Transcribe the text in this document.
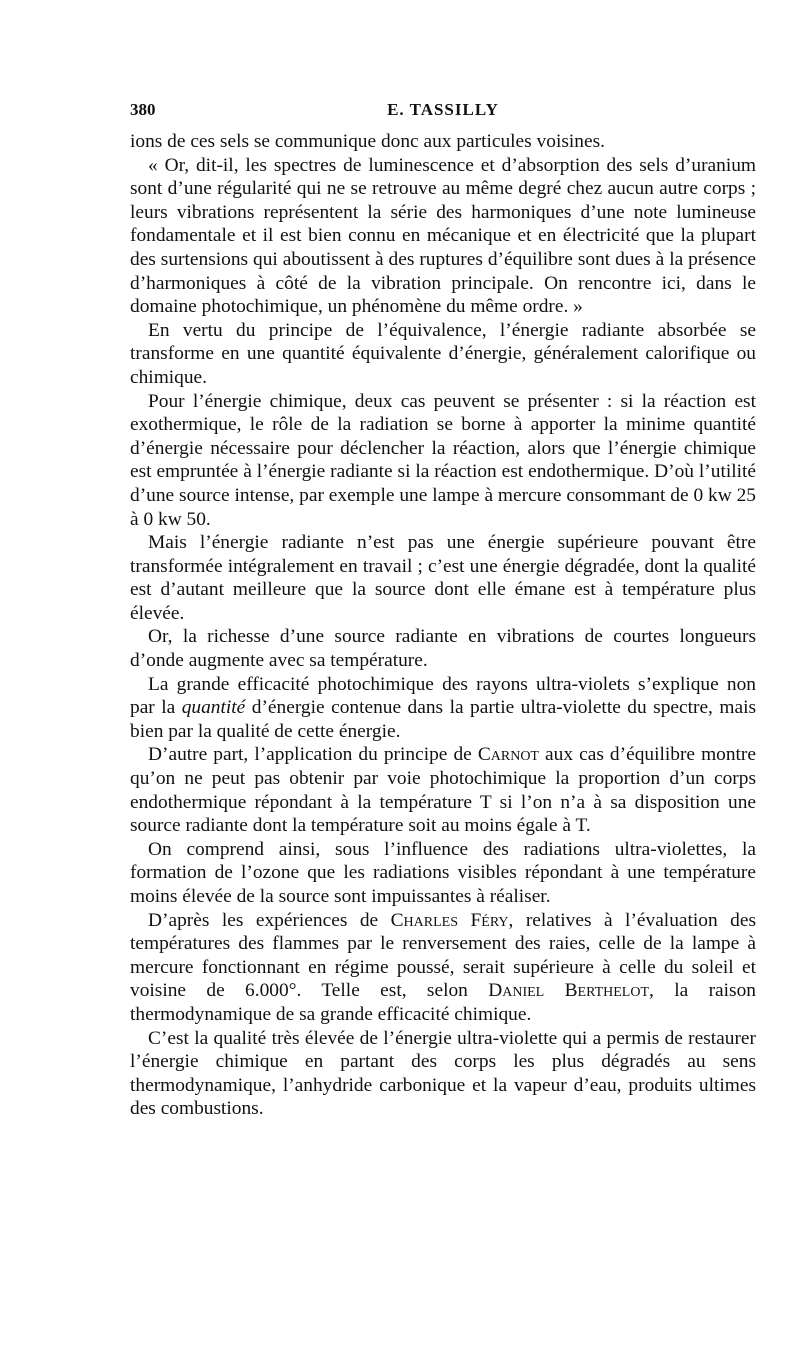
380	E. TASSILLY

ions de ces sels se communique donc aux particules voisines.

« Or, dit-il, les spectres de luminescence et d’absorption des sels d’uranium sont d’une régularité qui ne se retrouve au même degré chez aucun autre corps ; leurs vibrations représentent la série des harmoniques d’une note lumineuse fondamentale et il est bien connu en mécanique et en électricité que la plupart des surtensions qui aboutissent à des ruptures d’équilibre sont dues à la présence d’harmoniques à côté de la vibration principale. On rencontre ici, dans le domaine photochimique, un phénomène du même ordre. »

En vertu du principe de l’équivalence, l’énergie radiante absorbée se transforme en une quantité équivalente d’énergie, généralement calorifique ou chimique.

Pour l’énergie chimique, deux cas peuvent se présenter : si la réaction est exothermique, le rôle de la radiation se borne à apporter la minime quantité d’énergie nécessaire pour déclencher la réaction, alors que l’énergie chimique est empruntée à l’énergie radiante si la réaction est endothermique. D’où l’utilité d’une source intense, par exemple une lampe à mercure consommant de 0 kw 25 à 0 kw 50.

Mais l’énergie radiante n’est pas une énergie supérieure pouvant être transformée intégralement en travail ; c’est une énergie dégradée, dont la qualité est d’autant meilleure que la source dont elle émane est à température plus élevée.

Or, la richesse d’une source radiante en vibrations de courtes longueurs d’onde augmente avec sa température.

La grande efficacité photochimique des rayons ultra-violets s’explique non par la quantité d’énergie contenue dans la partie ultra-violette du spectre, mais bien par la qualité de cette énergie.

D’autre part, l’application du principe de Carnot aux cas d’équilibre montre qu’on ne peut pas obtenir par voie photochimique la proportion d’un corps endothermique répondant à la température T si l’on n’a à sa disposition une source radiante dont la température soit au moins égale à T.

On comprend ainsi, sous l’influence des radiations ultra-violettes, la formation de l’ozone que les radiations visibles répondant à une température moins élevée de la source sont impuissantes à réaliser.

D’après les expériences de Charles Féry, relatives à l’évaluation des températures des flammes par le renversement des raies, celle de la lampe à mercure fonctionnant en régime poussé, serait supérieure à celle du soleil et voisine de 6.000°. Telle est, selon Daniel Berthelot, la raison thermodynamique de sa grande efficacité chimique.

C’est la qualité très élevée de l’énergie ultra-violette qui a permis de restaurer l’énergie chimique en partant des corps les plus dégradés au sens thermodynamique, l’anhydride carbonique et la vapeur d’eau, produits ultimes des combustions.
